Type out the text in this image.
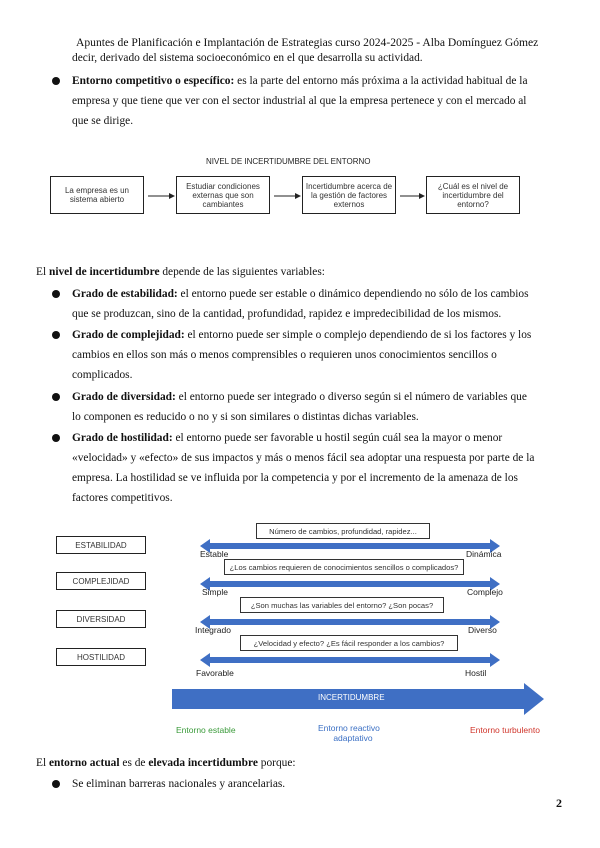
Apuntes de Planificación e Implantación de Estrategias curso 2024-2025 - Alba Domínguez Gómez
decir, derivado del sistema socioeconómico en el que desarrolla su actividad.
Entorno competitivo o específico: es la parte del entorno más próxima a la actividad habitual de la
empresa y que tiene que ver con el sector industrial al que la empresa pertenece y con el mercado al
que se dirige.
NIVEL DE INCERTIDUMBRE DEL ENTORNO
La empresa es un sistema abierto
Estudiar condiciones externas que son cambiantes
Incertidumbre acerca de la gestión de factores externos
¿Cuál es el nivel de incertidumbre del entorno?
El nivel de incertidumbre depende de las siguientes variables:
Grado de estabilidad: el entorno puede ser estable o dinámico dependiendo no sólo de los cambios
que se produzcan, sino de la cantidad, profundidad, rapidez e impredecibilidad de los mismos.
Grado de complejidad: el entorno puede ser simple o complejo dependiendo de si los factores y los
cambios en ellos son más o menos comprensibles o requieren unos conocimientos sencillos o
complicados.
Grado de diversidad: el entorno puede ser integrado o diverso según si el número de variables que
lo componen es reducido o no y si son similares o distintas dichas variables.
Grado de hostilidad: el entorno puede ser favorable u hostil según cuál sea la mayor o menor
«velocidad» y «efecto» de sus impactos y más o menos fácil sea adoptar una respuesta por parte de la
empresa. La hostilidad se ve influida por la competencia y por el incremento de la amenaza de los
factores competitivos.
ESTABILIDAD
COMPLEJIDAD
DIVERSIDAD
HOSTILIDAD
Número de cambios, profundidad, rapidez...
¿Los cambios requieren de conocimientos sencillos o complicados?
¿Son muchas las variables del entorno? ¿Son pocas?
¿Velocidad y efecto? ¿Es fácil responder a los cambios?
Estable	Dinámica
Simple	Complejo
Integrado	Diverso
Favorable	Hostil
INCERTIDUMBRE
Entorno estable	Entorno reactivo
adaptativo
Entorno turbulento
El entorno actual es de elevada incertidumbre porque:
Se eliminan barreras nacionales y arancelarias.
2
